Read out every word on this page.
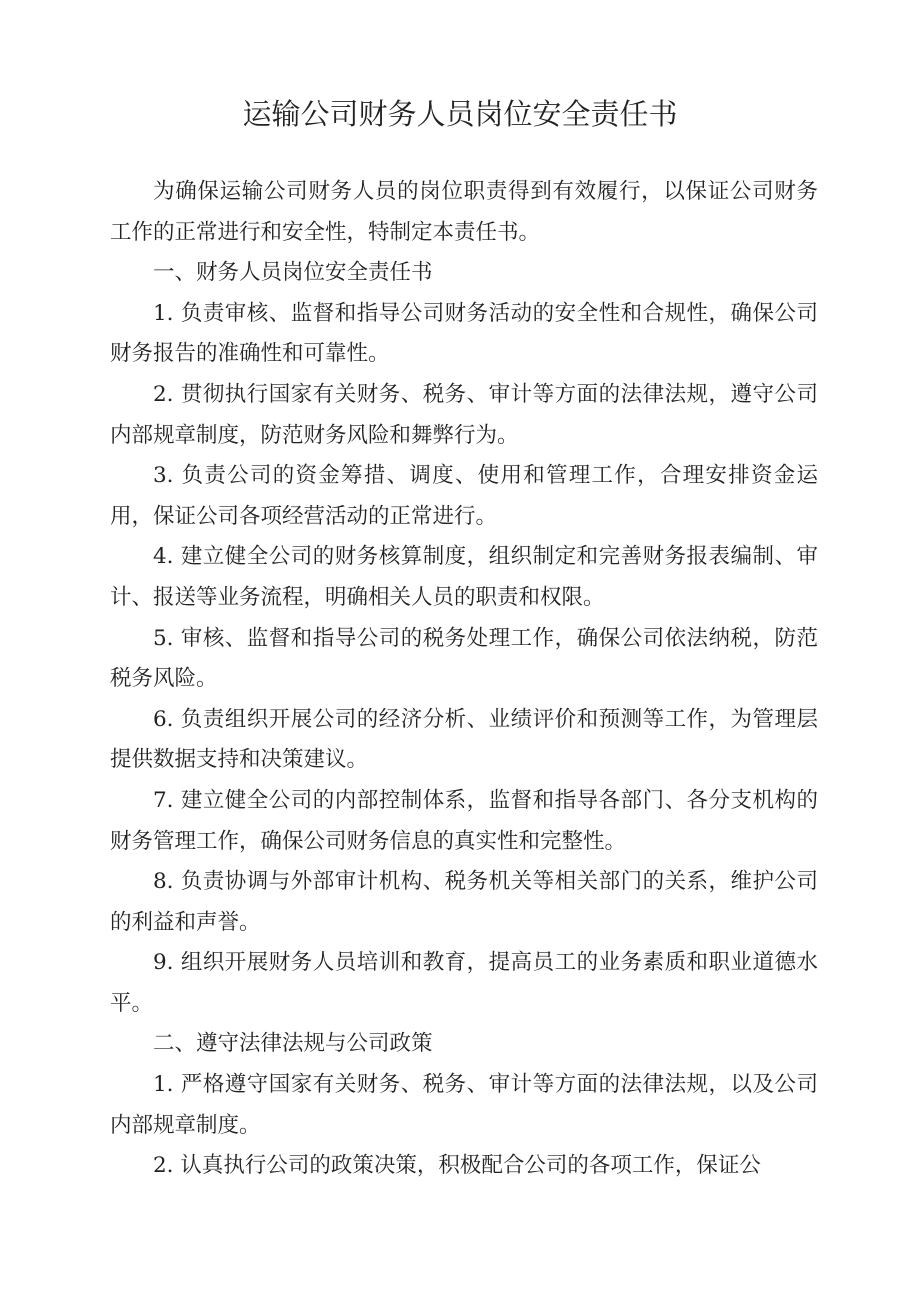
运输公司财务人员岗位安全责任书

为确保运输公司财务人员的岗位职责得到有效履行，以保证公司财务工作的正常进行和安全性，特制定本责任书。

一、财务人员岗位安全责任书

1. 负责审核、监督和指导公司财务活动的安全性和合规性，确保公司财务报告的准确性和可靠性。

2. 贯彻执行国家有关财务、税务、审计等方面的法律法规，遵守公司内部规章制度，防范财务风险和舞弊行为。

3. 负责公司的资金筹措、调度、使用和管理工作，合理安排资金运用，保证公司各项经营活动的正常进行。

4. 建立健全公司的财务核算制度，组织制定和完善财务报表编制、审计、报送等业务流程，明确相关人员的职责和权限。

5. 审核、监督和指导公司的税务处理工作，确保公司依法纳税，防范税务风险。

6. 负责组织开展公司的经济分析、业绩评价和预测等工作，为管理层提供数据支持和决策建议。

7. 建立健全公司的内部控制体系，监督和指导各部门、各分支机构的财务管理工作，确保公司财务信息的真实性和完整性。

8. 负责协调与外部审计机构、税务机关等相关部门的关系，维护公司的利益和声誉。

9. 组织开展财务人员培训和教育，提高员工的业务素质和职业道德水平。

二、遵守法律法规与公司政策

1. 严格遵守国家有关财务、税务、审计等方面的法律法规，以及公司内部规章制度。

2. 认真执行公司的政策决策，积极配合公司的各项工作，保证公
